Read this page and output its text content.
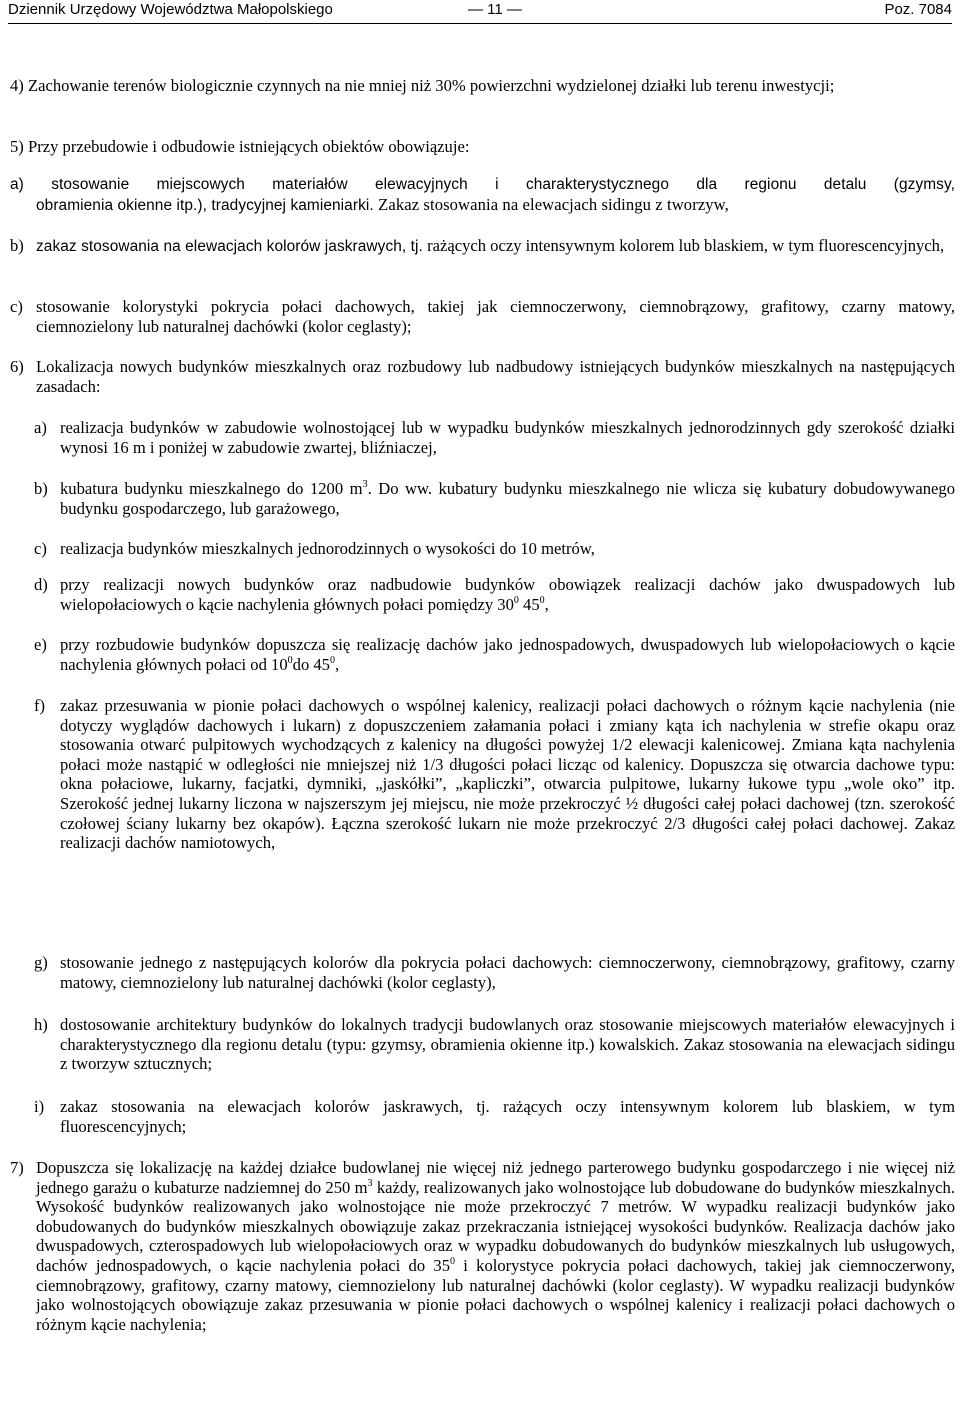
Dziennik Urzędowy Województwa Małopolskiego	— 11 —	Poz. 7084

4) Zachowanie terenów biologicznie czynnych na nie mniej niż 30% powierzchni wydzielonej działki lub terenu inwestycji;

5) Przy przebudowie i odbudowie istniejących obiektów obowiązuje:

a) stosowanie miejscowych materiałów elewacyjnych i charakterystycznego dla regionu detalu (gzymsy,
obramienia okienne itp.), tradycyjnej kamieniarki. Zakaz stosowania na elewacjach sidingu z tworzyw,
b) zakaz stosowania na elewacjach kolorów jaskrawych, tj. rażących oczy intensywnym kolorem lub blaskiem, w tym fluorescencyjnych,
c) stosowanie kolorystyki pokrycia połaci dachowych, takiej jak ciemnoczerwony, ciemnobrązowy, grafitowy, czarny matowy, ciemnozielony lub naturalnej dachówki (kolor ceglasty);
6) Lokalizacja nowych budynków mieszkalnych oraz rozbudowy lub nadbudowy istniejących budynków mieszkalnych na następujących zasadach:
a) realizacja budynków w zabudowie wolnostojącej lub w wypadku budynków mieszkalnych jednorodzinnych gdy szerokość działki wynosi 16 m i poniżej w zabudowie zwartej, bliźniaczej,
b) kubatura budynku mieszkalnego do 1200 $m^3$. Do ww. kubatury budynku mieszkalnego nie wlicza się kubatury dobudowywanego budynku gospodarczego, lub garażowego,
c) realizacja budynków mieszkalnych jednorodzinnych o wysokości do 10 metrów,
d) przy realizacji nowych budynków oraz nadbudowie budynków obowiązek realizacji dachów jako dwuspadowych lub wielopołaciowych o kącie nachylenia głównych połaci pomiędzy $30^0$ $45^0$,
e) przy rozbudowie budynków dopuszcza się realizację dachów jako jednospadowych, dwuspadowych lub wielopołaciowych o kącie nachylenia głównych połaci od $10^0do$ $45^0$,
f) zakaz przesuwania w pionie połaci dachowych o wspólnej kalenicy, realizacji połaci dachowych o różnym kącie nachylenia (nie dotyczy wyglądów dachowych i lukarn) z dopuszczeniem załamania połaci i zmiany kąta ich nachylenia w strefie okapu oraz stosowania otwarć pulpitowych wychodzących z kalenicy na długości powyżej 1/2 elewacji kalenicowej. Zmiana kąta nachylenia połaci może nastąpić w odległości nie mniejszej niż 1/3 długości połaci licząc od kalenicy. Dopuszcza się otwarcia dachowe typu: okna połaciowe, lukarny, facjatki, dymniki, „jaskółki”, „kapliczki”, otwarcia pulpitowe, lukarny łukowe typu „wole oko” itp. Szerokość jednej lukarny liczona w najszerszym jej miejscu, nie może przekroczyć ½ długości całej połaci dachowej (tzn. szerokość czołowej ściany lukarny bez okapów). Łączna szerokość lukarn nie może przekroczyć 2/3 długości całej połaci dachowej. Zakaz realizacji dachów namiotowych,
g) stosowanie jednego z następujących kolorów dla pokrycia połaci dachowych: ciemnoczerwony, ciemnobrązowy, grafitowy, czarny matowy, ciemnozielony lub naturalnej dachówki (kolor ceglasty),
h) dostosowanie architektury budynków do lokalnych tradycji budowlanych oraz stosowanie miejscowych materiałów elewacyjnych i charakterystycznego dla regionu detalu (typu: gzymsy, obramienia okienne itp.) kowalskich. Zakaz stosowania na elewacjach sidingu z tworzyw sztucznych;
i) zakaz stosowania na elewacjach kolorów jaskrawych, tj. rażących oczy intensywnym kolorem lub blaskiem, w tym fluorescencyjnych;
7) Dopuszcza się lokalizację na każdej działce budowlanej nie więcej niż jednego parterowego budynku gospodarczego i nie więcej niż jednego garażu o kubaturze nadziemnej do 250 $m^3$ każdy, realizowanych jako wolnostojące lub dobudowane do budynków mieszkalnych. Wysokość budynków realizowanych jako wolnostojące nie może przekroczyć 7 metrów. W wypadku realizacji budynków jako dobudowanych do budynków mieszkalnych obowiązuje zakaz przekraczania istniejącej wysokości budynków. Realizacja dachów jako dwuspadowych, czterospadowych lub wielopołaciowych oraz w wypadku dobudowanych do budynków mieszkalnych lub usługowych, dachów jednospadowych, o kącie nachylenia połaci do $35^0$ i kolorystyce pokrycia połaci dachowych, takiej jak ciemnoczerwony, ciemnobrązowy, grafitowy, czarny matowy, ciemnozielony lub naturalnej dachówki (kolor ceglasty). W wypadku realizacji budynków jako wolnostojących obowiązuje zakaz przesuwania w pionie połaci dachowych o wspólnej kalenicy i realizacji połaci dachowych o różnym kącie nachylenia;
